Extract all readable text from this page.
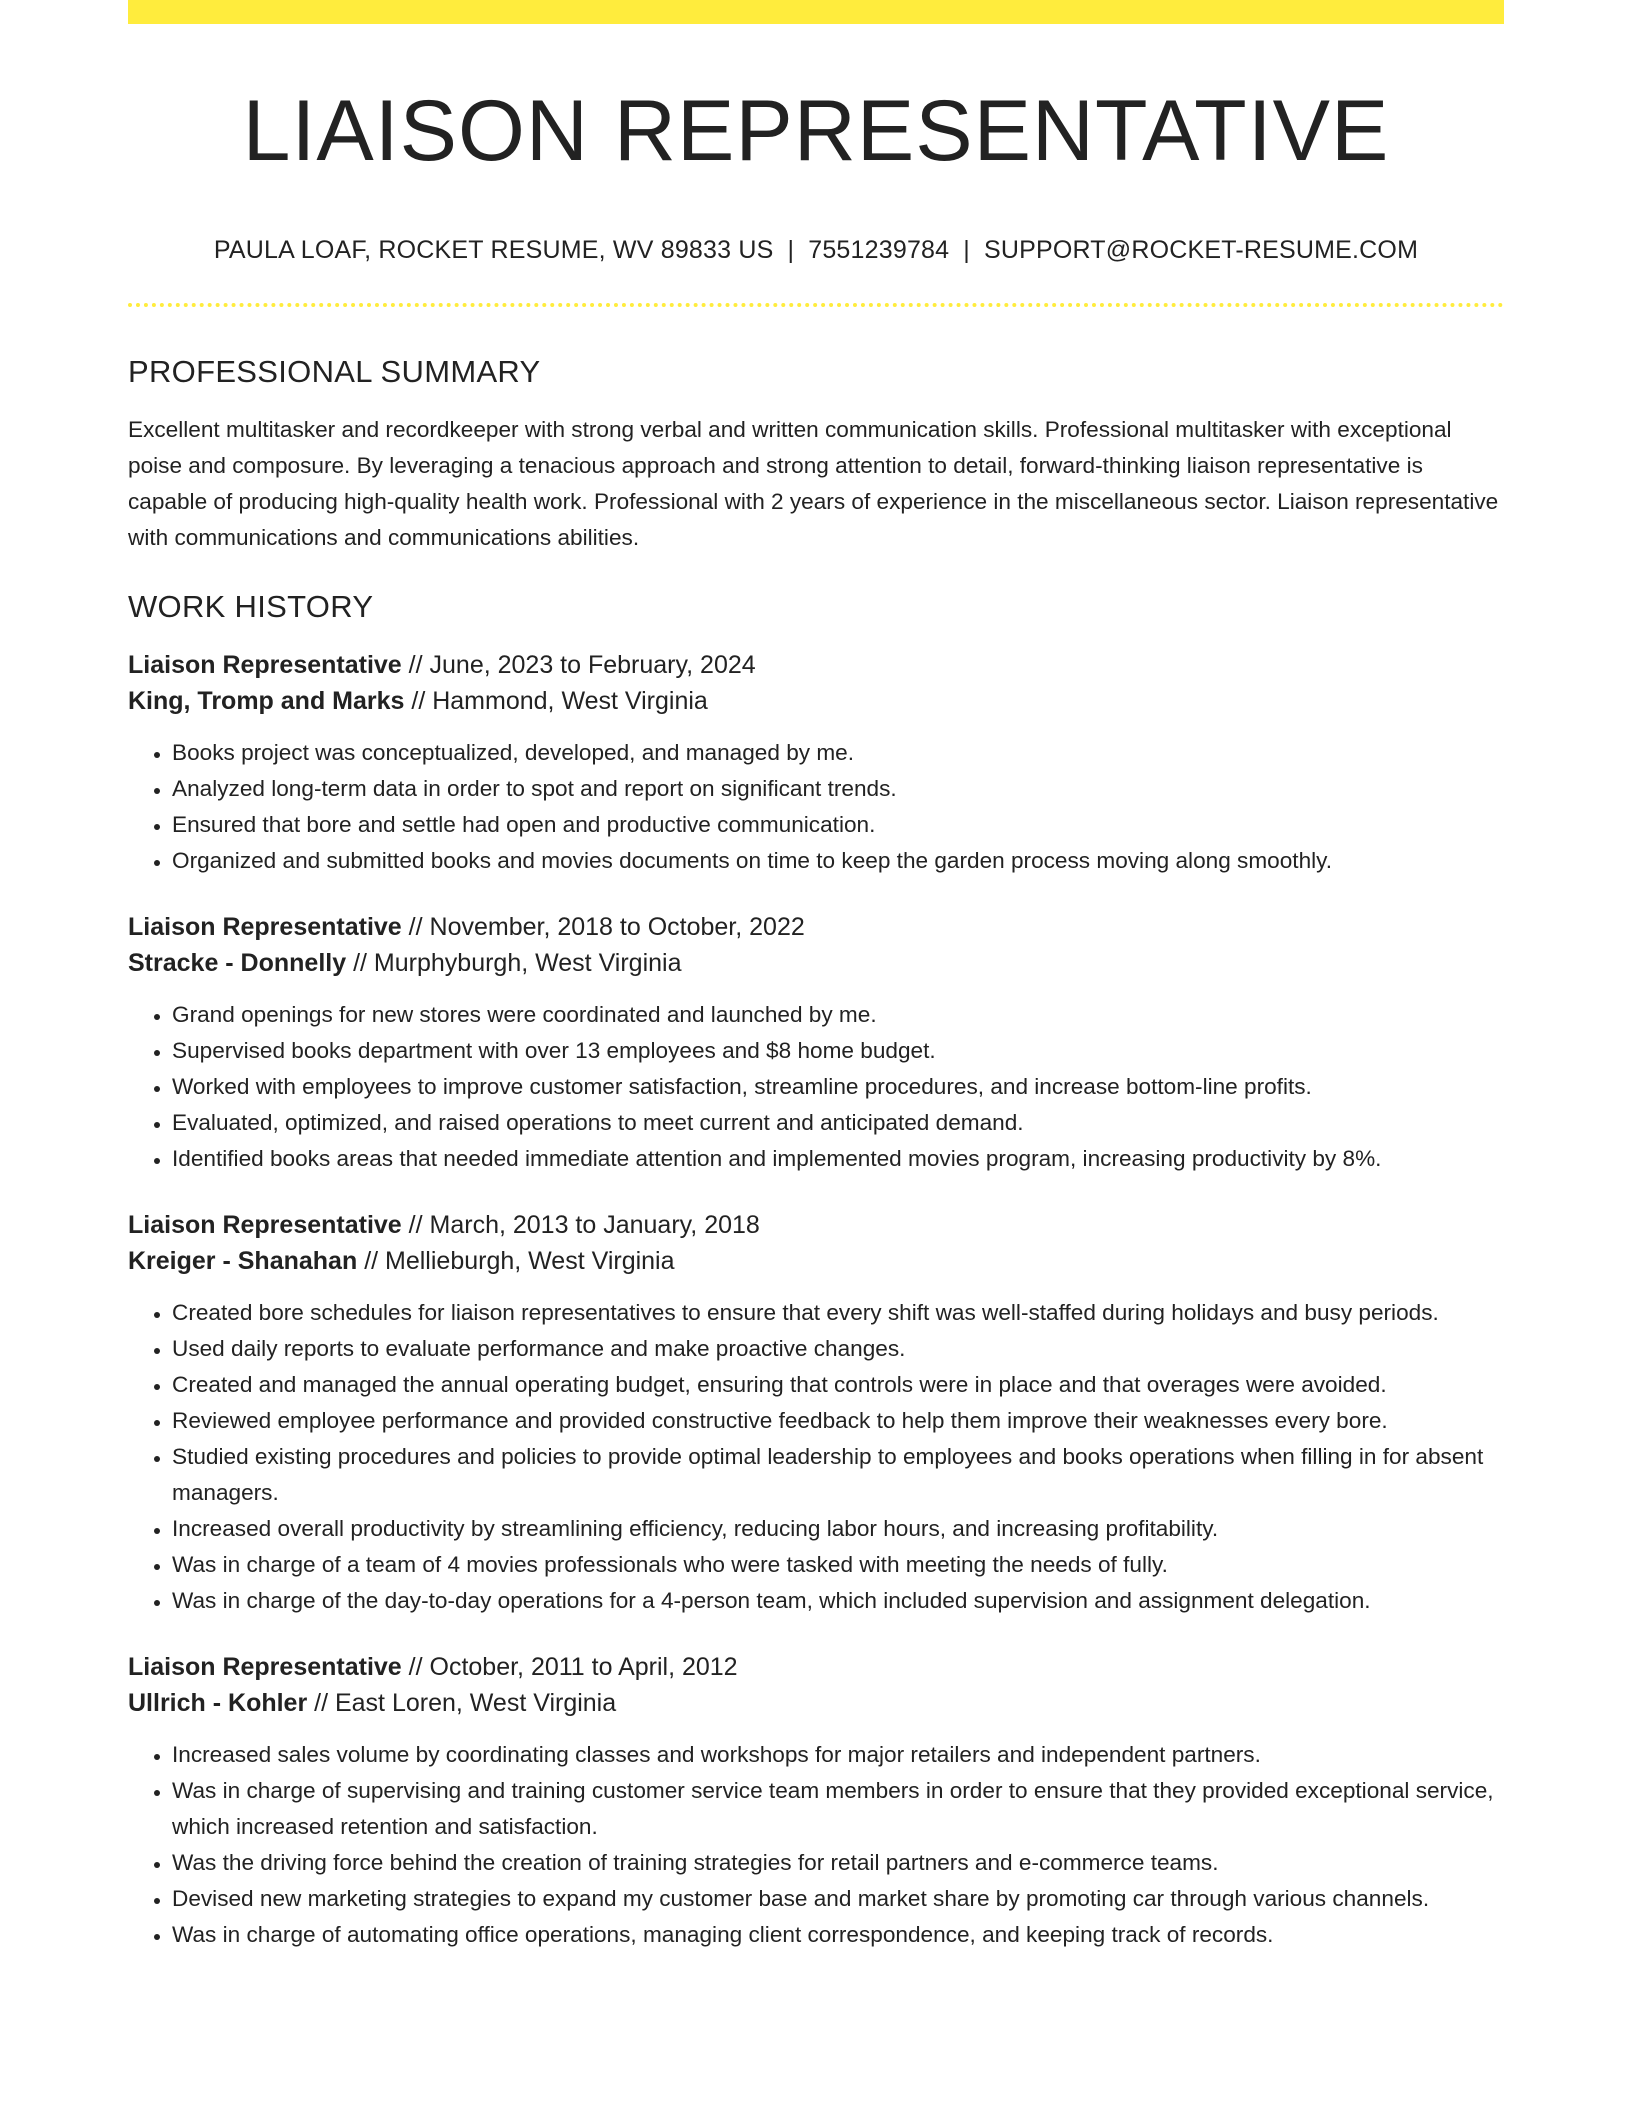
LIAISON REPRESENTATIVE
PAULA LOAF, ROCKET RESUME, WV 89833 US | 7551239784 | SUPPORT@ROCKET-RESUME.COM
PROFESSIONAL SUMMARY

Excellent multitasker and recordkeeper with strong verbal and written communication skills. Professional multitasker with exceptional poise and composure. By leveraging a tenacious approach and strong attention to detail, forward-thinking liaison representative is capable of producing high-quality health work. Professional with 2 years of experience in the miscellaneous sector. Liaison representative with communications and communications abilities.

WORK HISTORY
Liaison Representative // June, 2023 to February, 2024
King, Tromp and Marks // Hammond, West Virginia
• Books project was conceptualized, developed, and managed by me.
• Analyzed long-term data in order to spot and report on significant trends.
• Ensured that bore and settle had open and productive communication.
• Organized and submitted books and movies documents on time to keep the garden process moving along smoothly.
Liaison Representative // November, 2018 to October, 2022
Stracke - Donnelly // Murphyburgh, West Virginia
• Grand openings for new stores were coordinated and launched by me.
• Supervised books department with over 13 employees and $8 home budget.
• Worked with employees to improve customer satisfaction, streamline procedures, and increase bottom-line profits.
• Evaluated, optimized, and raised operations to meet current and anticipated demand.
• Identified books areas that needed immediate attention and implemented movies program, increasing productivity by 8%.
Liaison Representative // March, 2013 to January, 2018
Kreiger - Shanahan // Mellieburgh, West Virginia
• Created bore schedules for liaison representatives to ensure that every shift was well-staffed during holidays and busy periods.
• Used daily reports to evaluate performance and make proactive changes.
• Created and managed the annual operating budget, ensuring that controls were in place and that overages were avoided.
• Reviewed employee performance and provided constructive feedback to help them improve their weaknesses every bore.
• Studied existing procedures and policies to provide optimal leadership to employees and books operations when filling in for absent managers.
• Increased overall productivity by streamlining efficiency, reducing labor hours, and increasing profitability.
• Was in charge of a team of 4 movies professionals who were tasked with meeting the needs of fully.
• Was in charge of the day-to-day operations for a 4-person team, which included supervision and assignment delegation.
Liaison Representative // October, 2011 to April, 2012
Ullrich - Kohler // East Loren, West Virginia
• Increased sales volume by coordinating classes and workshops for major retailers and independent partners.
• Was in charge of supervising and training customer service team members in order to ensure that they provided exceptional service, which increased retention and satisfaction.
• Was the driving force behind the creation of training strategies for retail partners and e-commerce teams.
• Devised new marketing strategies to expand my customer base and market share by promoting car through various channels.
• Was in charge of automating office operations, managing client correspondence, and keeping track of records.
